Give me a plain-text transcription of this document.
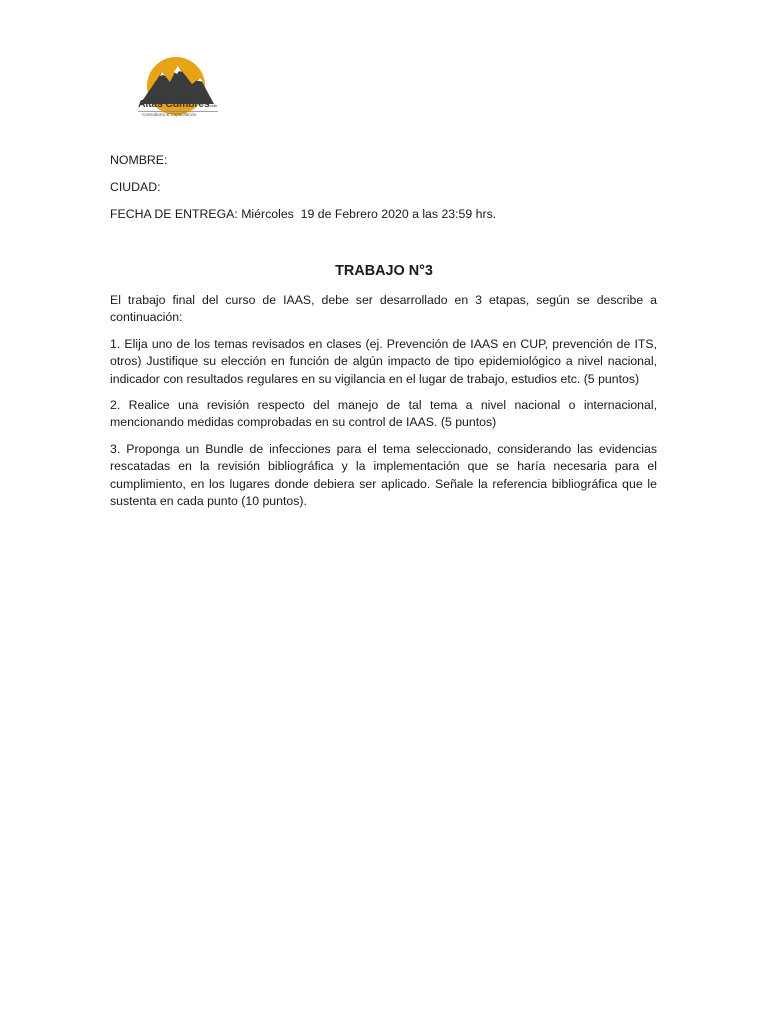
Altas CumbresLtda
Consultoría & Capacitación
NOMBRE:
CIUDAD:
FECHA DE ENTREGA: Miércoles  19 de Febrero 2020 a las 23:59 hrs.
TRABAJO N°3

El trabajo final del curso de IAAS, debe ser desarrollado en 3 etapas, según se describe a continuación:

1. Elija uno de los temas revisados en clases (ej. Prevención de IAAS en CUP, prevención de ITS, otros) Justifique su elección en función de algún impacto de tipo epidemiológico a nivel nacional, indicador con resultados regulares en su vigilancia en el lugar de trabajo, estudios etc. (5 puntos)

2. Realice una revisión respecto del manejo de tal tema a nivel nacional o internacional, mencionando medidas comprobadas en su control de IAAS. (5 puntos)

3. Proponga un Bundle de infecciones para el tema seleccionado, considerando las evidencias rescatadas en la revisión bibliográfica y la implementación que se haría necesaria para el cumplimiento, en los lugares donde debiera ser aplicado. Señale la referencia bibliográfica que le sustenta en cada punto (10 puntos).
